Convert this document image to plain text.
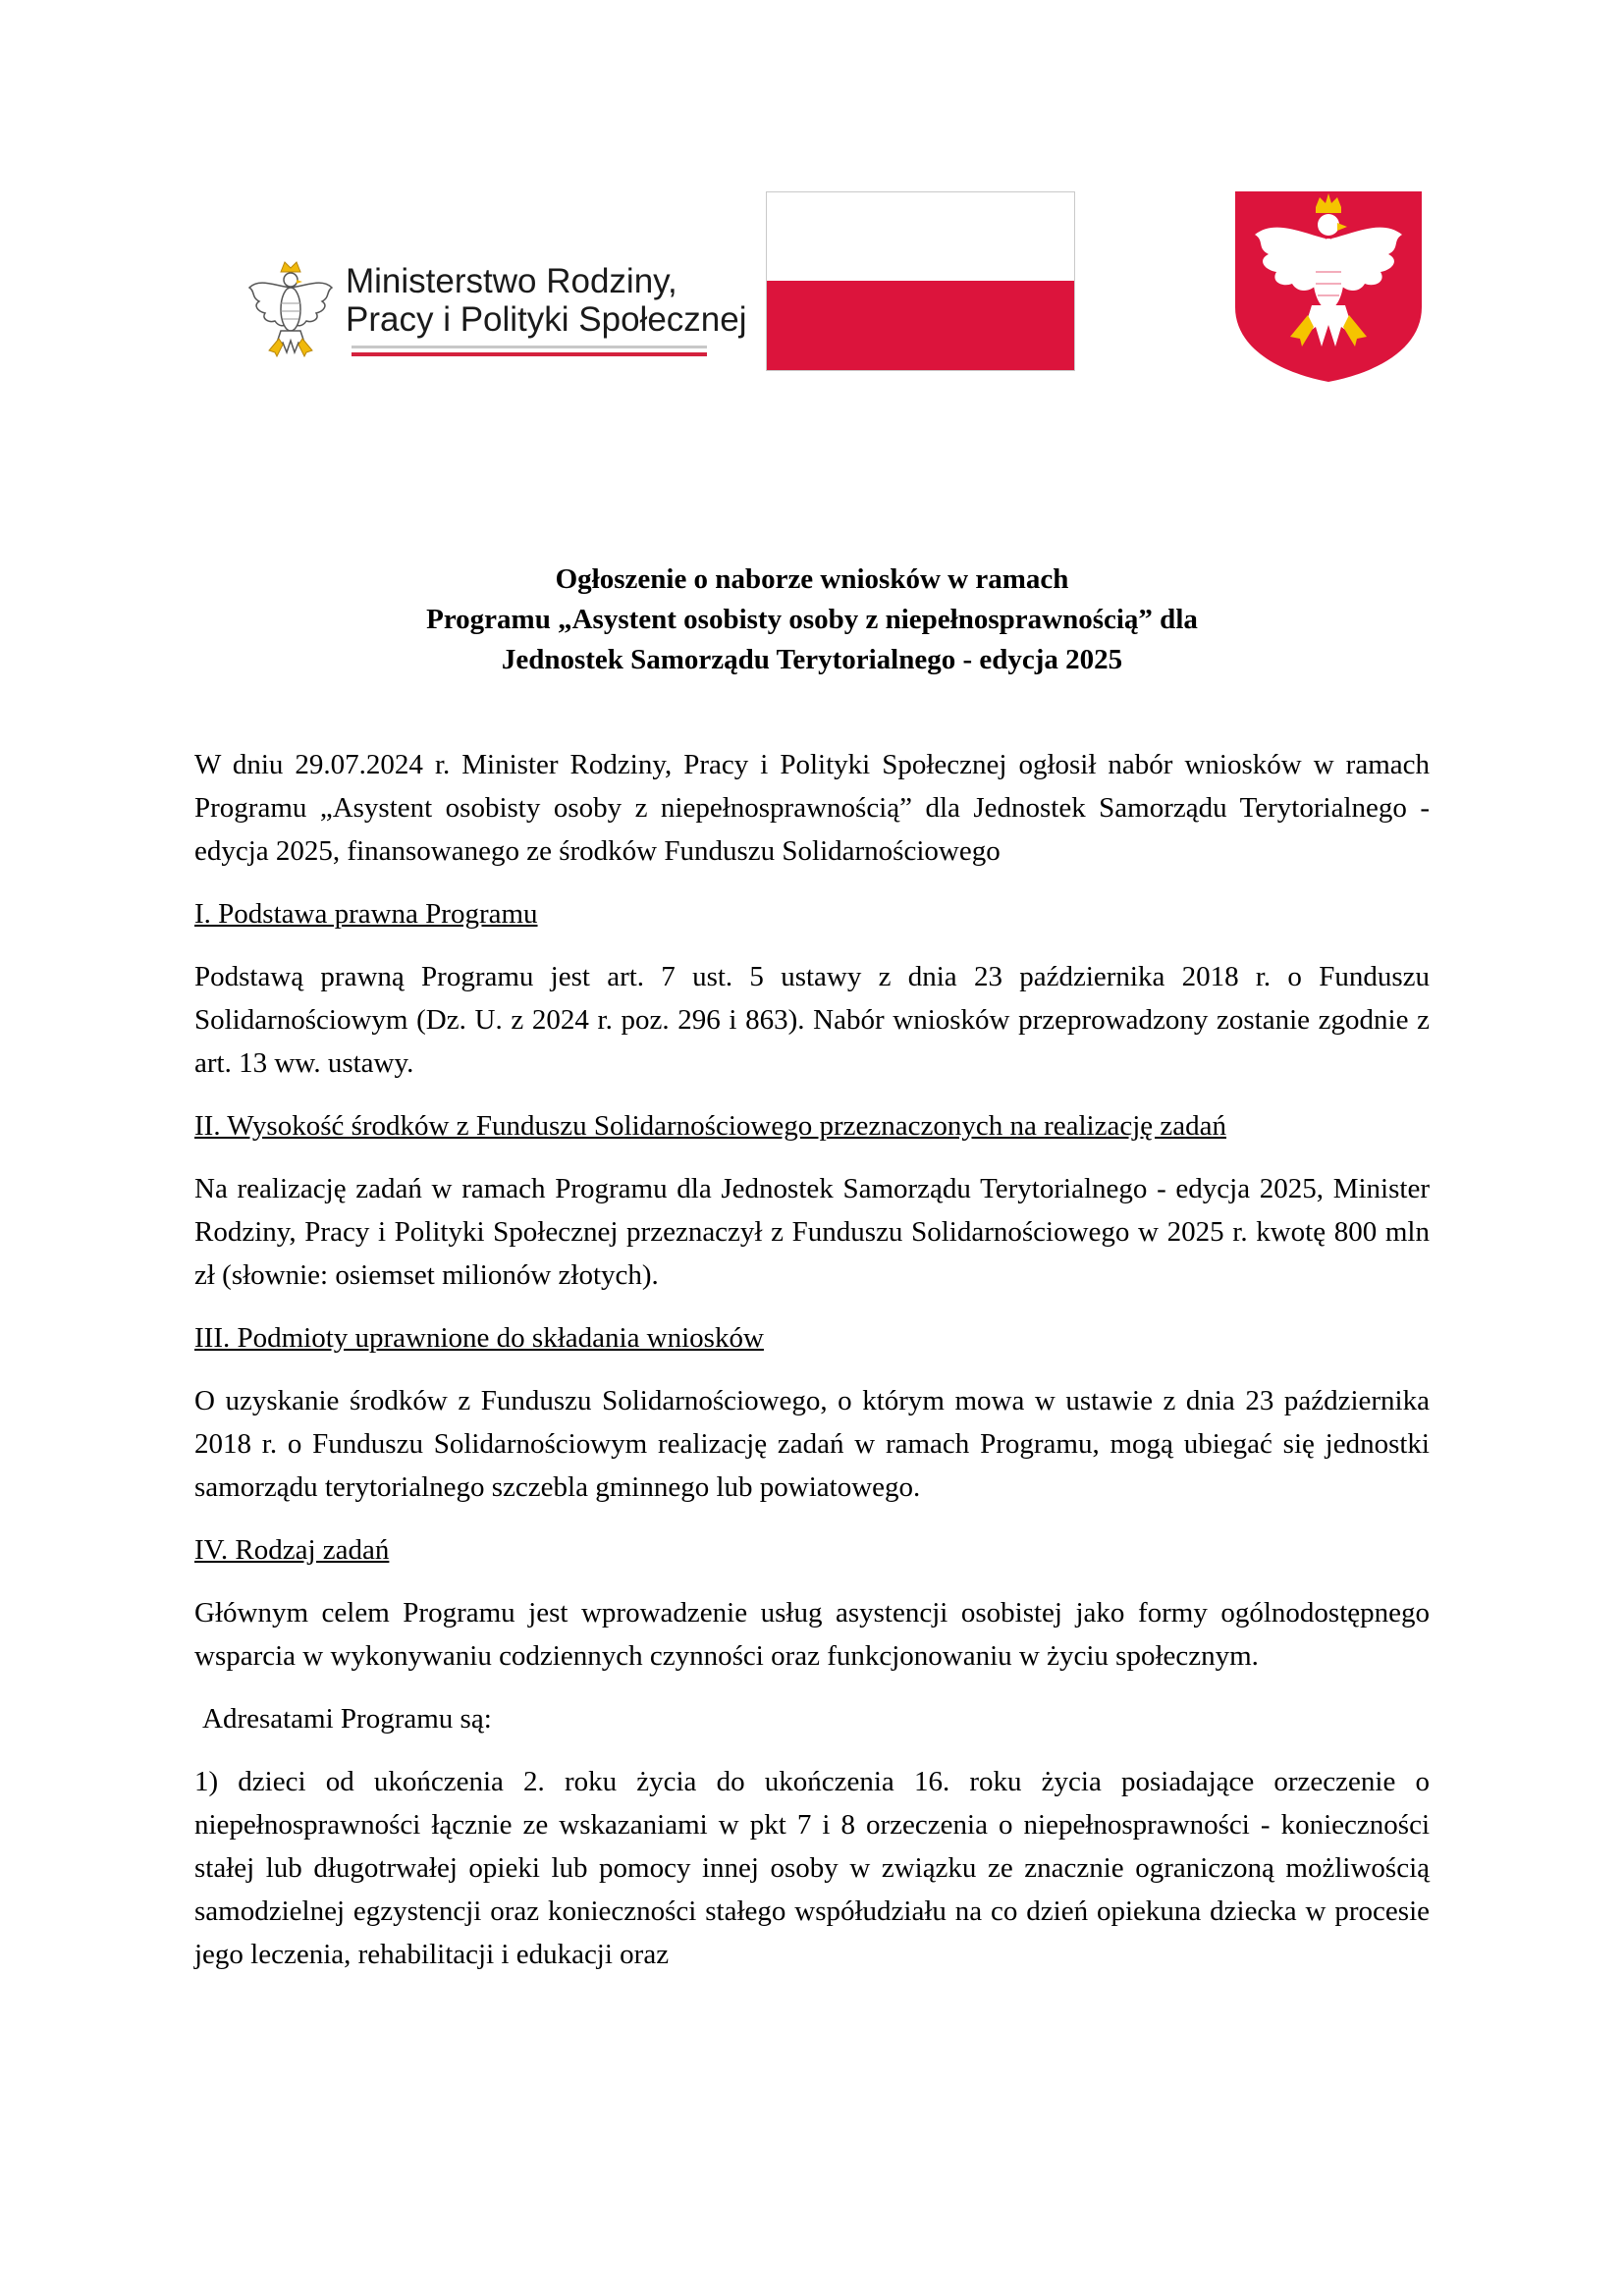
Ministerstwo Rodziny,
Pracy i Polityki Społecznej
Ogłoszenie o naborze wniosków w ramach
Programu „Asystent osobisty osoby z niepełnosprawnością” dla
Jednostek Samorządu Terytorialnego - edycja 2025

W dniu 29.07.2024 r. Minister Rodziny, Pracy i Polityki Społecznej ogłosił nabór wniosków w ramach Programu „Asystent osobisty osoby z niepełnosprawnością” dla Jednostek Samorządu Terytorialnego - edycja 2025, finansowanego ze środków Funduszu Solidarnościowego

I. Podstawa prawna Programu

Podstawą prawną Programu jest art. 7 ust. 5 ustawy z dnia 23 października 2018 r. o Funduszu Solidarnościowym (Dz. U. z 2024 r. poz. 296 i 863). Nabór wniosków przeprowadzony zostanie zgodnie z art. 13 ww. ustawy.

II. Wysokość środków z Funduszu Solidarnościowego przeznaczonych na realizację zadań

Na realizację zadań w ramach Programu dla Jednostek Samorządu Terytorialnego - edycja 2025, Minister Rodziny, Pracy i Polityki Społecznej przeznaczył z Funduszu Solidarnościowego w 2025 r. kwotę 800 mln zł (słownie: osiemset milionów złotych).

III. Podmioty uprawnione do składania wniosków

O uzyskanie środków z Funduszu Solidarnościowego, o którym mowa w ustawie z dnia 23 października 2018 r. o Funduszu Solidarnościowym realizację zadań w ramach Programu, mogą ubiegać się jednostki samorządu terytorialnego szczebla gminnego lub powiatowego.

IV. Rodzaj zadań

Głównym celem Programu jest wprowadzenie usług asystencji osobistej jako formy ogólnodostępnego wsparcia w wykonywaniu codziennych czynności oraz funkcjonowaniu w życiu społecznym.

Adresatami Programu są:

1) dzieci od ukończenia 2. roku życia do ukończenia 16. roku życia posiadające orzeczenie o niepełnosprawności łącznie ze wskazaniami w pkt 7 i 8 orzeczenia o niepełnosprawności - konieczności stałej lub długotrwałej opieki lub pomocy innej osoby w związku ze znacznie ograniczoną możliwością samodzielnej egzystencji oraz konieczności stałego współudziału na co dzień opiekuna dziecka w procesie jego leczenia, rehabilitacji i edukacji oraz
